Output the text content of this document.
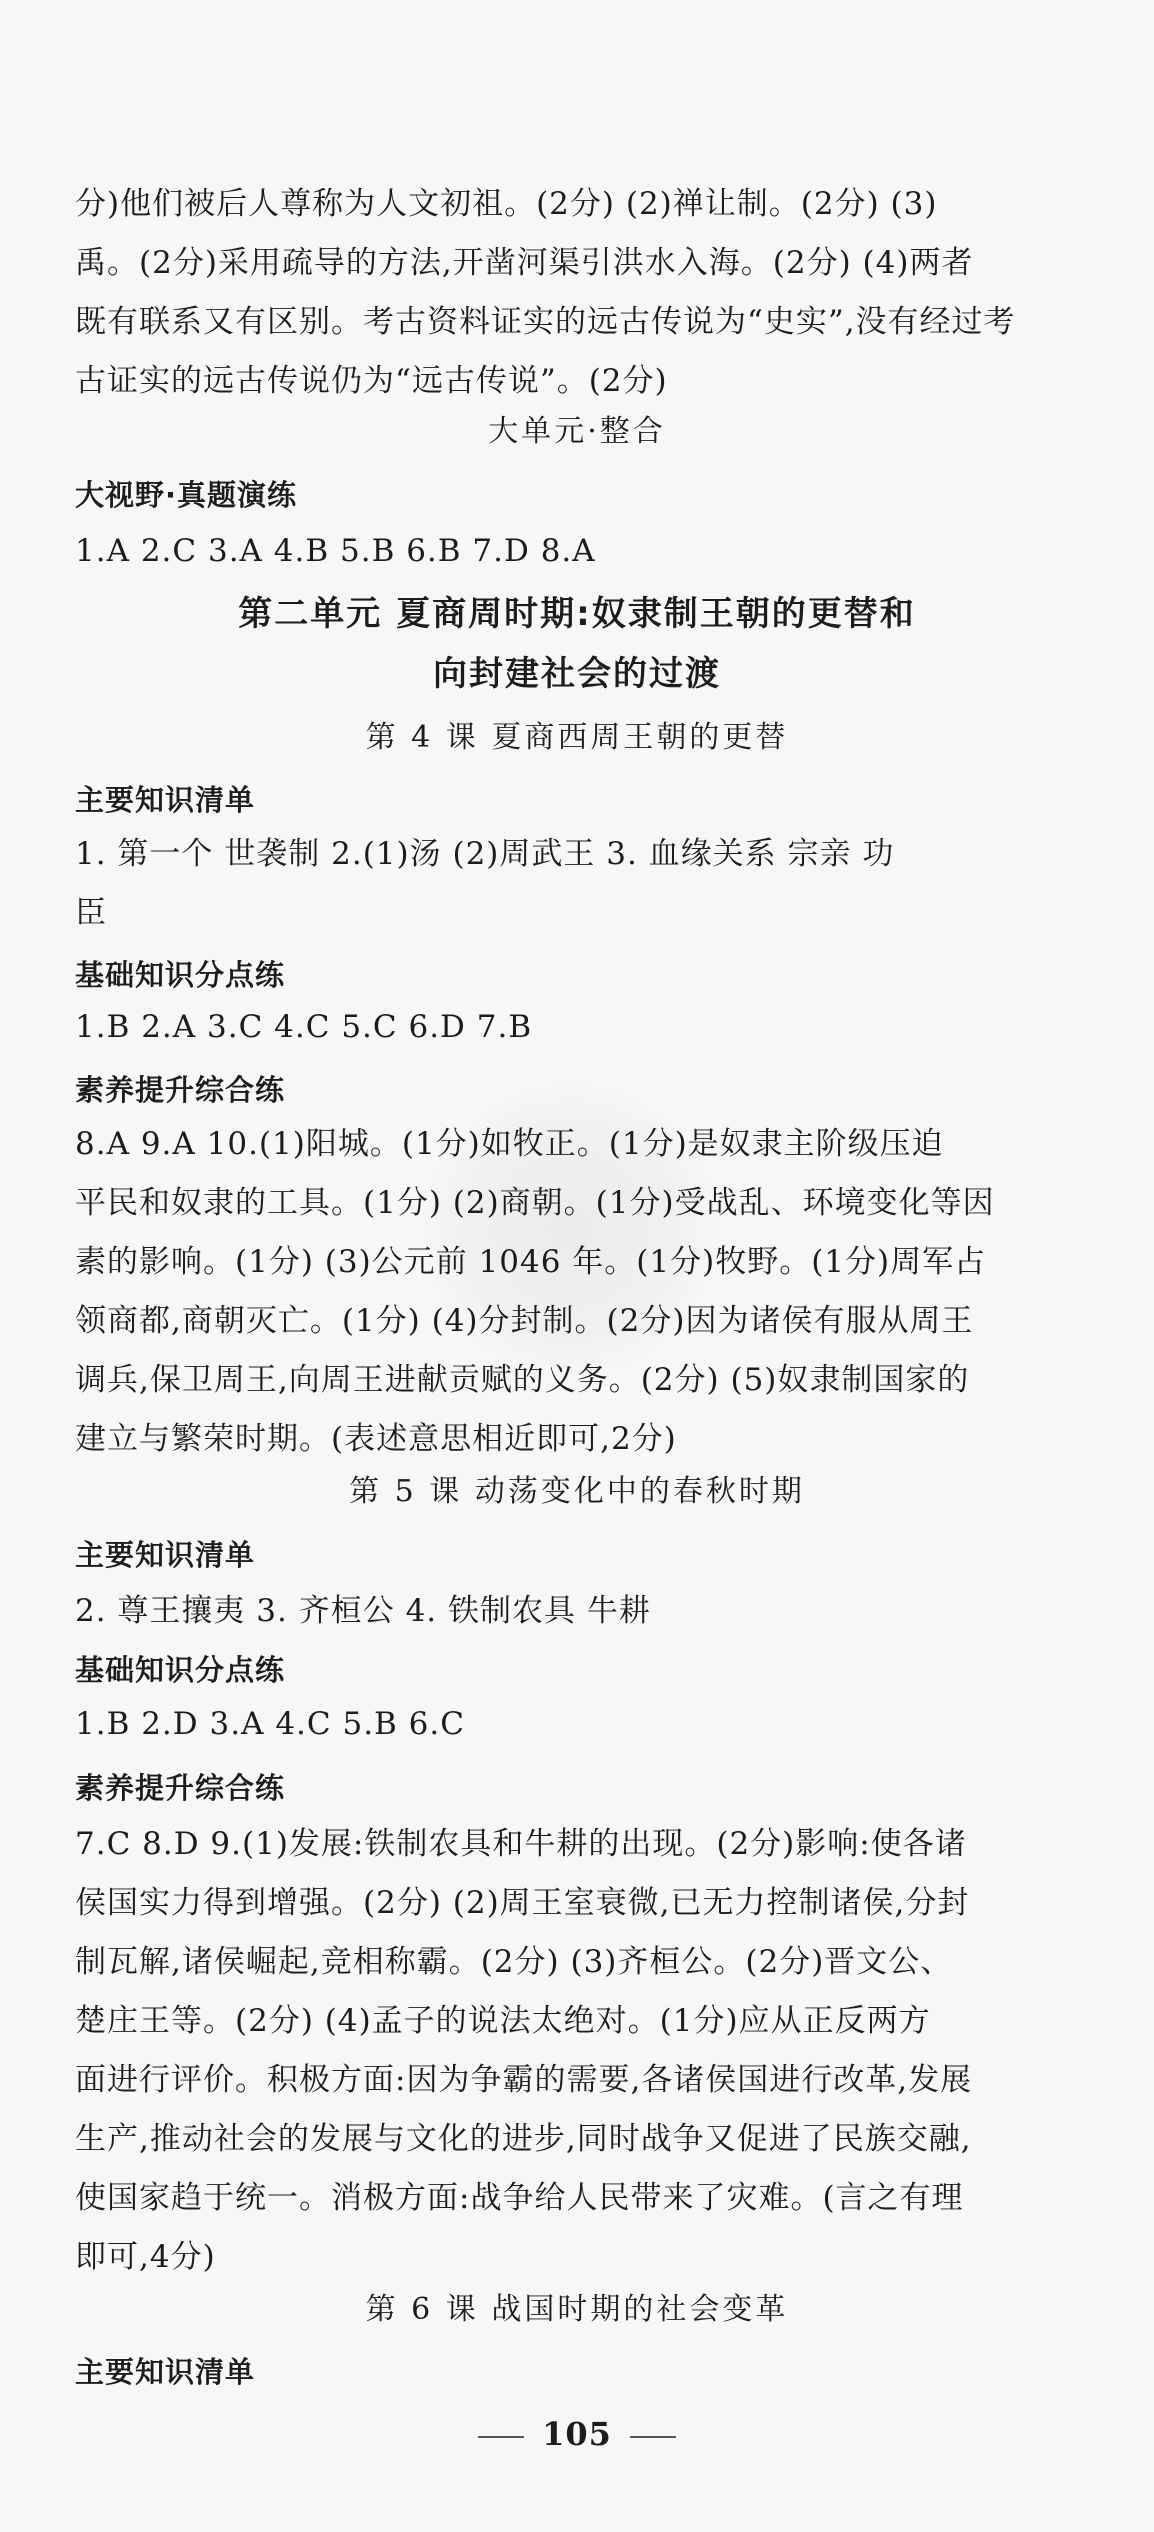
分)他们被后人尊称为人文初祖。(2分) (2)禅让制。(2分) (3)
禹。(2分)采用疏导的方法,开凿河渠引洪水入海。(2分) (4)两者
既有联系又有区别。考古资料证实的远古传说为“史实”,没有经过考
古证实的远古传说仍为“远古传说”。(2分)
大单元·整合
大视野·真题演练
1.A 2.C 3.A 4.B 5.B 6.B 7.D 8.A
第二单元 夏商周时期:奴隶制王朝的更替和
向封建社会的过渡
第 4 课 夏商西周王朝的更替
主要知识清单
1. 第一个 世袭制 2.(1)汤 (2)周武王 3. 血缘关系 宗亲 功
臣
基础知识分点练
1.B 2.A 3.C 4.C 5.C 6.D 7.B
素养提升综合练
8.A 9.A 10.(1)阳城。(1分)如牧正。(1分)是奴隶主阶级压迫
平民和奴隶的工具。(1分) (2)商朝。(1分)受战乱、环境变化等因
素的影响。(1分) (3)公元前 1046 年。(1分)牧野。(1分)周军占
领商都,商朝灭亡。(1分) (4)分封制。(2分)因为诸侯有服从周王
调兵,保卫周王,向周王进献贡赋的义务。(2分) (5)奴隶制国家的
建立与繁荣时期。(表述意思相近即可,2分)
第 5 课 动荡变化中的春秋时期
主要知识清单
2. 尊王攘夷 3. 齐桓公 4. 铁制农具 牛耕
基础知识分点练
1.B 2.D 3.A 4.C 5.B 6.C
素养提升综合练
7.C 8.D 9.(1)发展:铁制农具和牛耕的出现。(2分)影响:使各诸
侯国实力得到增强。(2分) (2)周王室衰微,已无力控制诸侯,分封
制瓦解,诸侯崛起,竞相称霸。(2分) (3)齐桓公。(2分)晋文公、
楚庄王等。(2分) (4)孟子的说法太绝对。(1分)应从正反两方
面进行评价。积极方面:因为争霸的需要,各诸侯国进行改革,发展
生产,推动社会的发展与文化的进步,同时战争又促进了民族交融,
使国家趋于统一。消极方面:战争给人民带来了灾难。(言之有理
即可,4分)
第 6 课 战国时期的社会变革
主要知识清单
105
